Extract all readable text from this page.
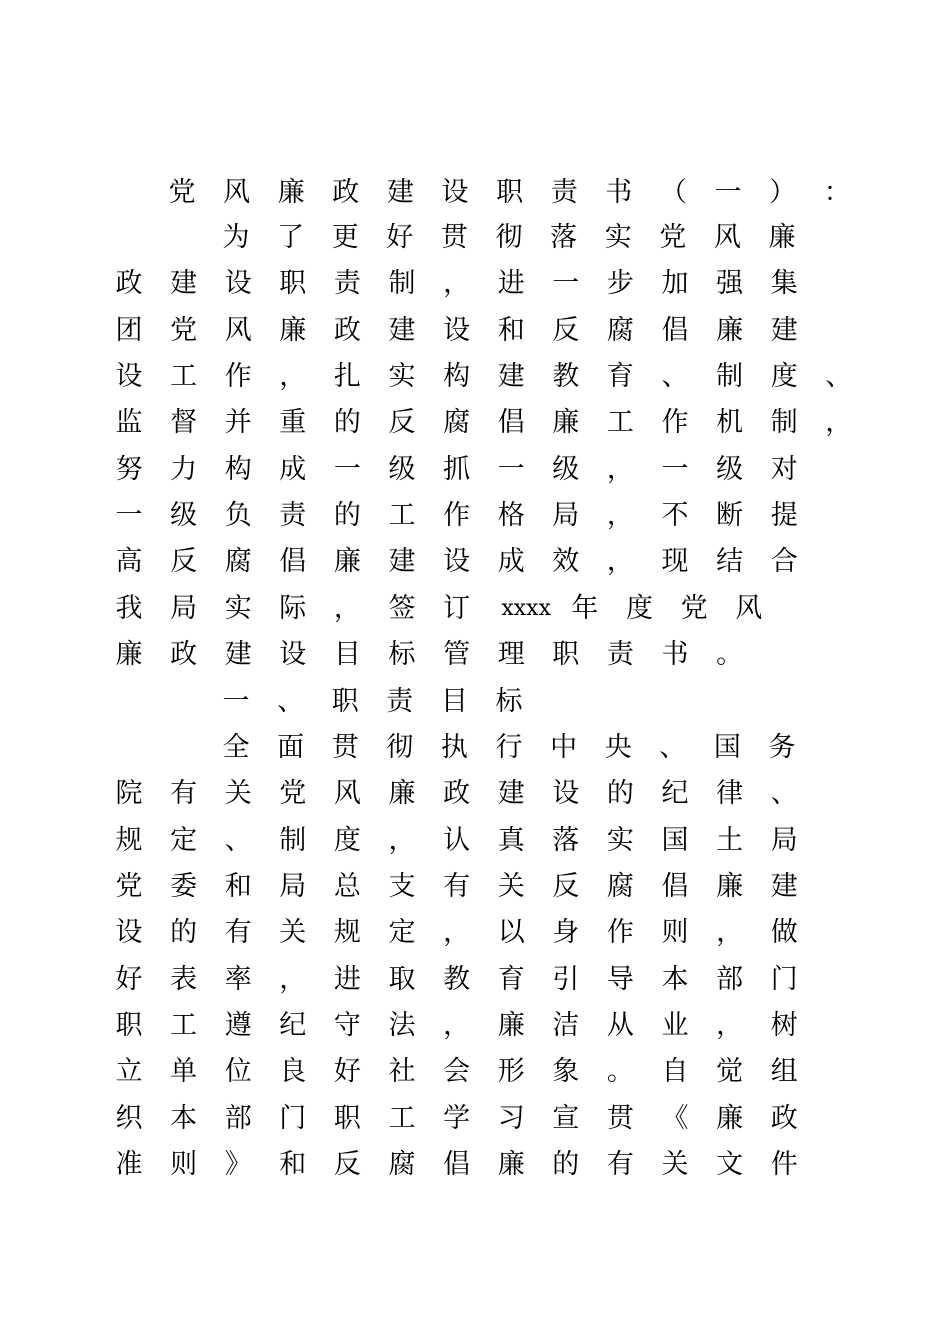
党 风 廉 政 建 设 职 责 书 （ 一 ） ：
为 了 更 好 贯 彻 落 实 党 风 廉
政 建 设 职 责 制 ， 进 一 步 加 强 集
团 党 风 廉 政 建 设 和 反 腐 倡 廉 建
设 工 作 ， 扎 实 构 建 教 育 、 制 度 、
监 督 并 重 的 反 腐 倡 廉 工 作 机 制 ，
努 力 构 成 一 级 抓 一 级 ， 一 级 对
一 级 负 责 的 工 作 格 局 ， 不 断 提
高 反 腐 倡 廉 建 设 成 效 ， 现 结 合
我 局 实 际 ， 签 订	xxxx 年 度 党 风
廉 政 建 设 目 标 管 理 职 责 书 。
一 、 职 责 目 标
全 面 贯 彻 执 行 中 央 、 国 务
院 有 关 党 风 廉 政 建 设 的 纪 律 、
规 定 、 制 度 ， 认 真 落 实 国 土 局
党 委 和 局 总 支 有 关 反 腐 倡 廉 建
设 的 有 关 规 定 ， 以 身 作 则 ， 做
好 表 率 ， 进 取 教 育 引 导 本 部 门
职 工 遵 纪 守 法 ， 廉 洁 从 业 ， 树
立 单 位 良 好 社 会 形 象 。 自 觉 组
织 本 部 门 职 工 学 习 宣 贯 《 廉 政
准 则 》 和 反 腐 倡 廉 的 有 关 文 件
